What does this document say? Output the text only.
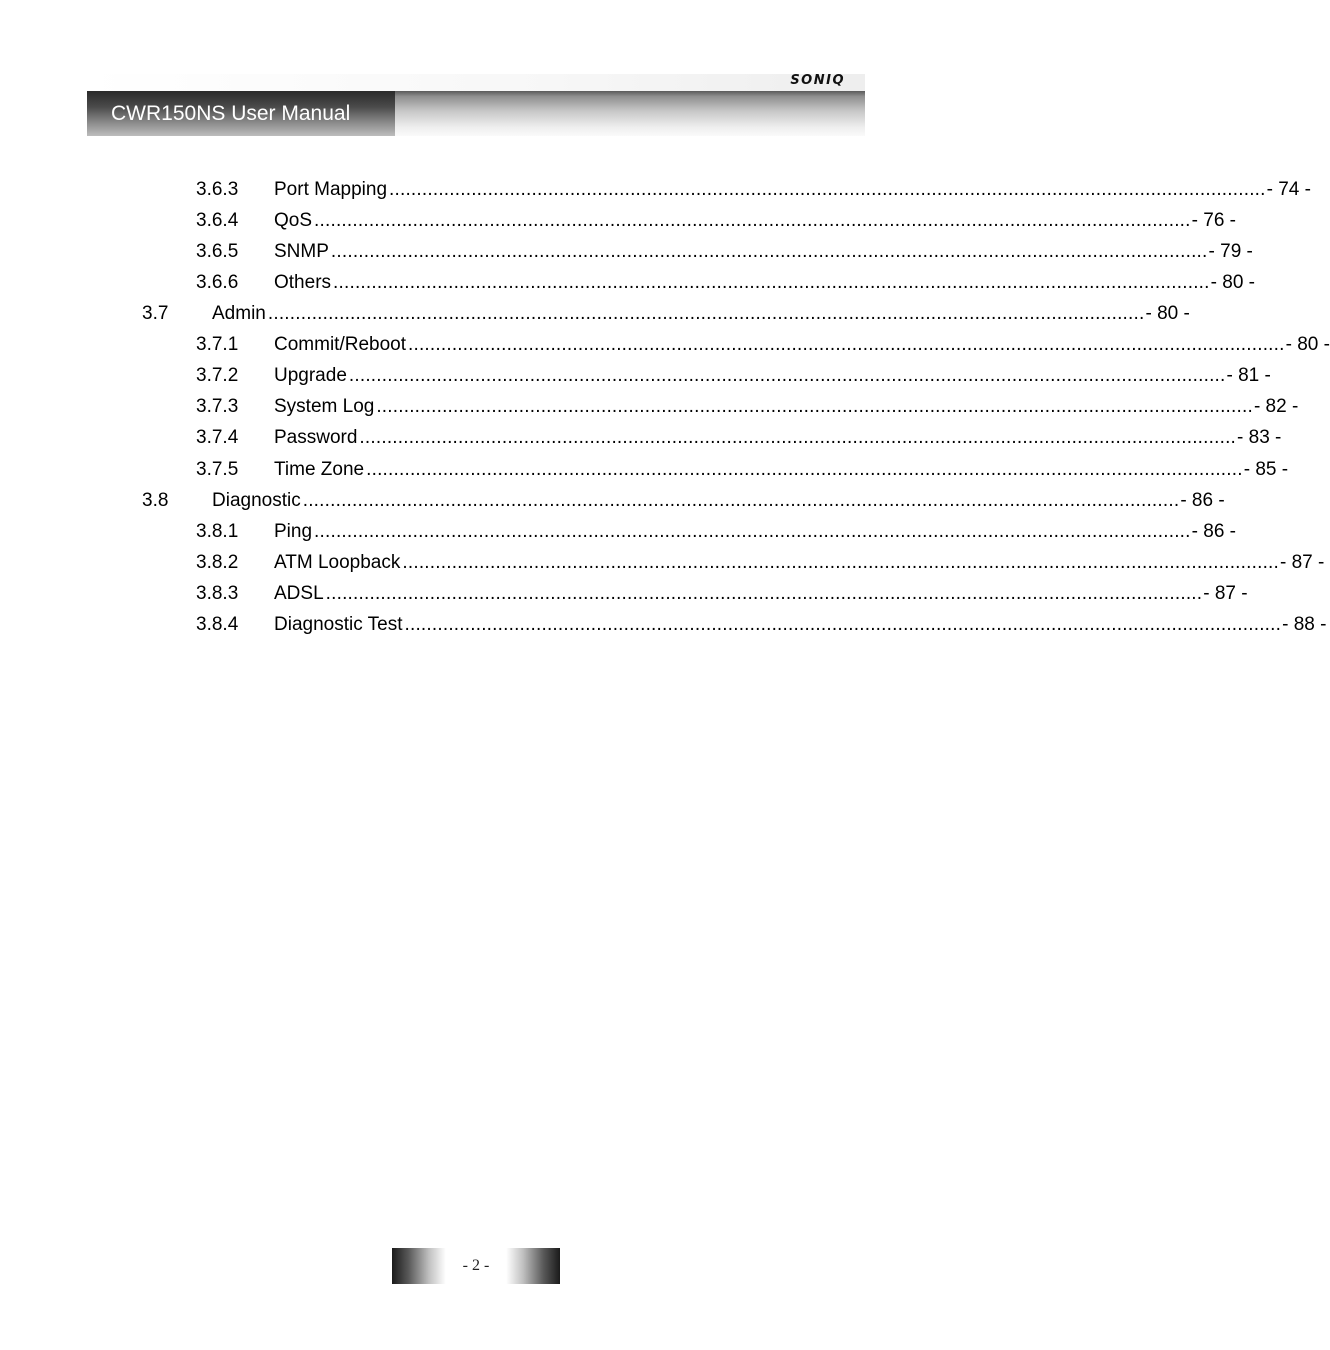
SONIQ
CWR150NS User Manual
3.6.3 Port Mapping ................................................................................................................................................................ - 74 -
3.6.4 QoS ................................................................................................................................................................ - 76 -
3.6.5 SNMP ................................................................................................................................................................ - 79 -
3.6.6 Others ................................................................................................................................................................ - 80 -
3.7 Admin ................................................................................................................................................................ - 80 -
3.7.1 Commit/Reboot ................................................................................................................................................................ - 80 -
3.7.2 Upgrade ................................................................................................................................................................ - 81 -
3.7.3 System Log ................................................................................................................................................................ - 82 -
3.7.4 Password ................................................................................................................................................................ - 83 -
3.7.5 Time Zone ................................................................................................................................................................ - 85 -
3.8 Diagnostic ................................................................................................................................................................ - 86 -
3.8.1 Ping ................................................................................................................................................................ - 86 -
3.8.2 ATM Loopback ................................................................................................................................................................ - 87 -
3.8.3 ADSL ................................................................................................................................................................ - 87 -
3.8.4 Diagnostic Test ................................................................................................................................................................ - 88 -
- 2 -
